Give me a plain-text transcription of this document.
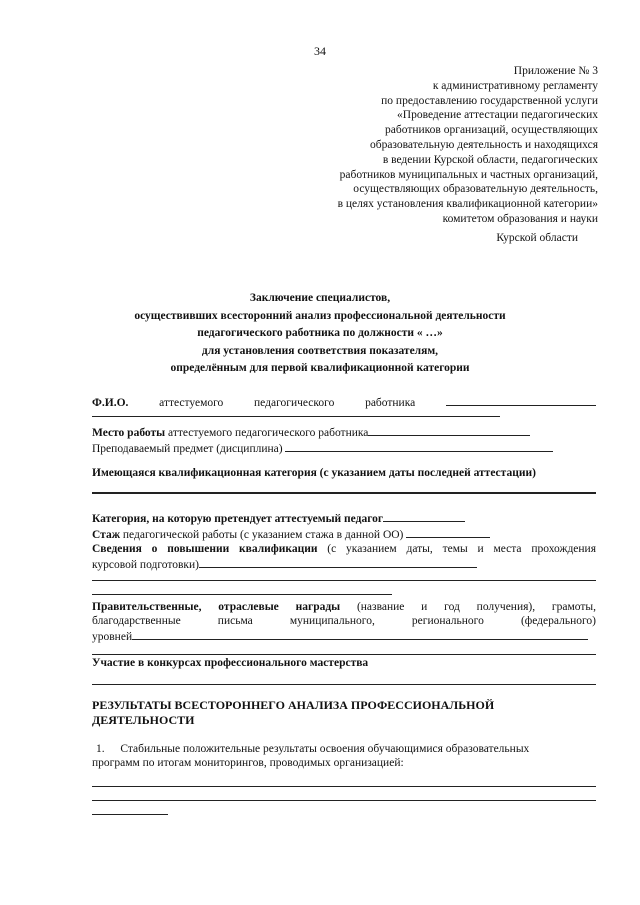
34
Приложение № 3
к административному регламенту
по предоставлению государственной услуги
«Проведение аттестации педагогических
работников организаций, осуществляющих
образовательную деятельность и находящихся
в ведении Курской области, педагогических
работников муниципальных и частных организаций,
осуществляющих образовательную деятельность,
в целях установления квалификационной категории»
комитетом образования и науки
Курской области
Заключение специалистов,
осуществивших всесторонний анализ профессиональной деятельности
педагогического работника по должности « …»
для установления соответствия показателям,
определённым для первой квалификационной категории
Ф.И.О.	аттестуемого	педагогического	работника
Место работы аттестуемого педагогического работника
Преподаваемый предмет (дисциплина)
Имеющаяся квалификационная категория (с указанием даты последней аттестации)
Категория, на которую претендует аттестуемый педагог
Стаж педагогической работы (с указанием стажа в данной ОО)
Сведения о повышении квалификации (с указанием даты, темы и места прохождения
курсовой подготовки)
Правительственные, отраслевые награды (название и год получения), грамоты,
благодарственные письма муниципального, регионального (федерального)
уровней
Участие в конкурсах профессионального мастерства
РЕЗУЛЬТАТЫ ВСЕСТОРОННЕГО АНАЛИЗА ПРОФЕССИОНАЛЬНОЙ
ДЕЯТЕЛЬНОСТИ
1. Стабильные положительные результаты освоения обучающимися образовательных
программ по итогам мониторингов, проводимых организацией:
